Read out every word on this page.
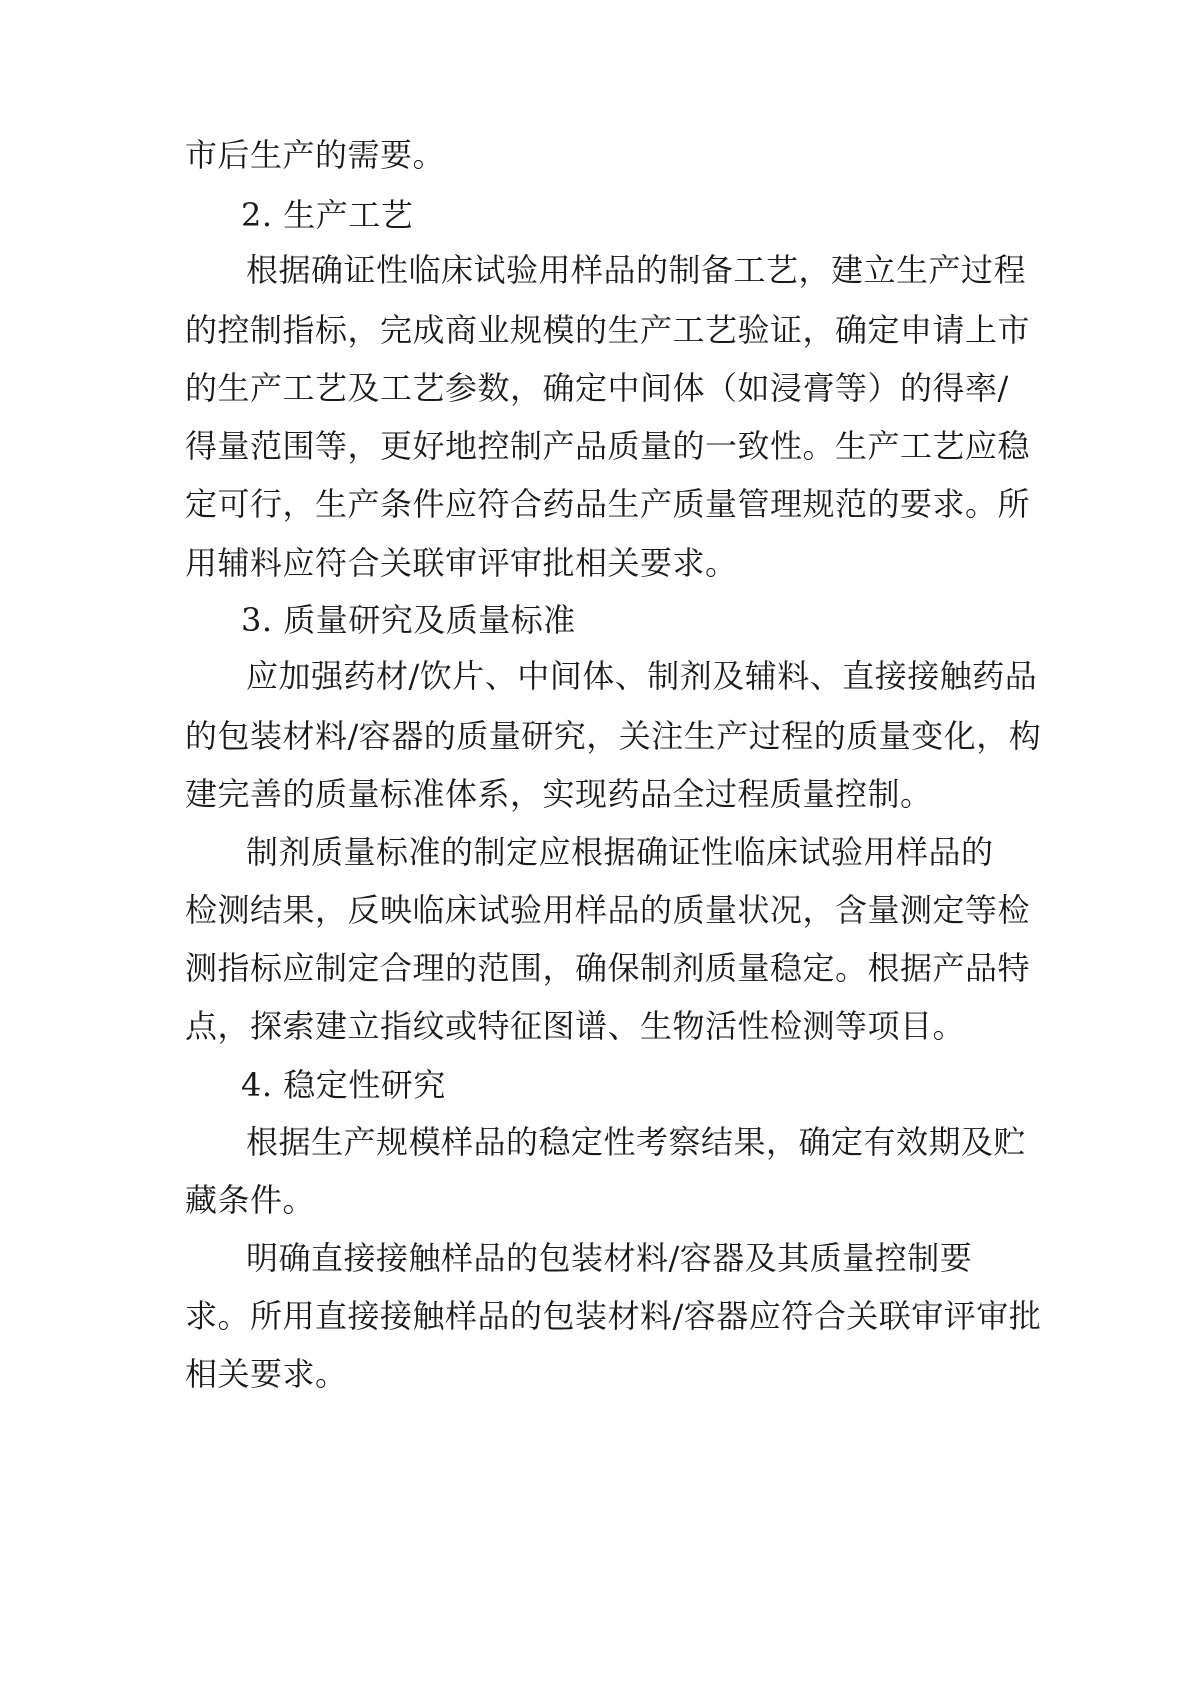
市后生产的需要。

2. 生产工艺

根据确证性临床试验用样品的制备工艺，建立生产过程

的控制指标，完成商业规模的生产工艺验证，确定申请上市

的生产工艺及工艺参数，确定中间体（如浸膏等）的得率/

得量范围等，更好地控制产品质量的一致性。生产工艺应稳

定可行，生产条件应符合药品生产质量管理规范的要求。所

用辅料应符合关联审评审批相关要求。

3. 质量研究及质量标准

应加强药材/饮片、中间体、制剂及辅料、直接接触药品

的包装材料/容器的质量研究，关注生产过程的质量变化，构

建完善的质量标准体系，实现药品全过程质量控制。

制剂质量标准的制定应根据确证性临床试验用样品的

检测结果，反映临床试验用样品的质量状况，含量测定等检

测指标应制定合理的范围，确保制剂质量稳定。根据产品特

点，探索建立指纹或特征图谱、生物活性检测等项目。

4. 稳定性研究

根据生产规模样品的稳定性考察结果，确定有效期及贮

藏条件。

明确直接接触样品的包装材料/容器及其质量控制要

求。所用直接接触样品的包装材料/容器应符合关联审评审批

相关要求。
